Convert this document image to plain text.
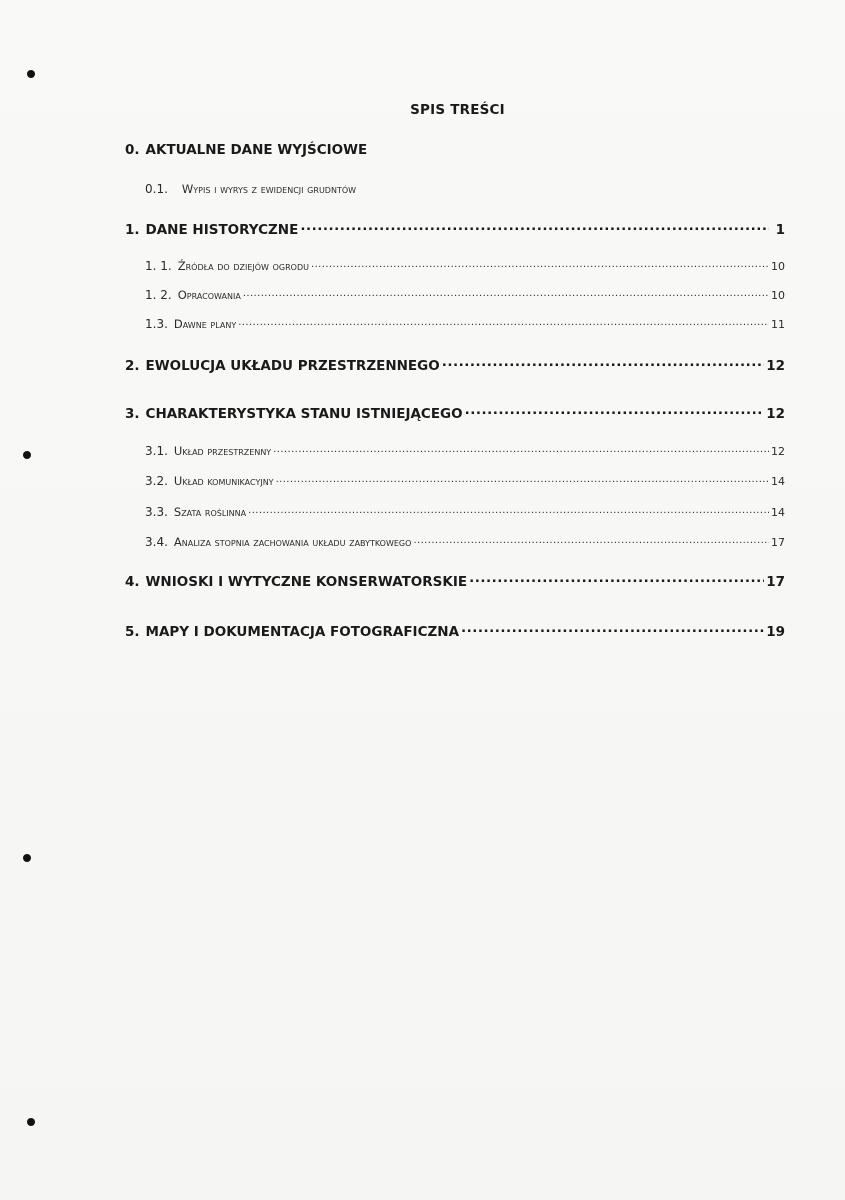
SPIS TREŚCI
0. AKTUALNE DANE WYJŚCIOWE
0.1. Wypis i wyrys z ewidencji grudntów
1. DANE HISTORYCZNE .....	1
1. 1. Źródła do dziejów ogrodu .....	10
1. 2. Opracowania .....	10
1.3. Dawne plany .....	11
2. EWOLUCJA UKŁADU PRZESTRZENNEGO .....	12
3. CHARAKTERYSTYKA STANU ISTNIEJĄCEGO .....	12
3.1. Układ przestrzenny .....	12
3.2. Układ komunikacyjny .....	14
3.3. Szata roślinna .....	14
3.4. Analiza stopnia zachowania układu zabytkowego .....	17
4. WNIOSKI I WYTYCZNE KONSERWATORSKIE .....	17
5. MAPY I DOKUMENTACJA FOTOGRAFICZNA .....	19
